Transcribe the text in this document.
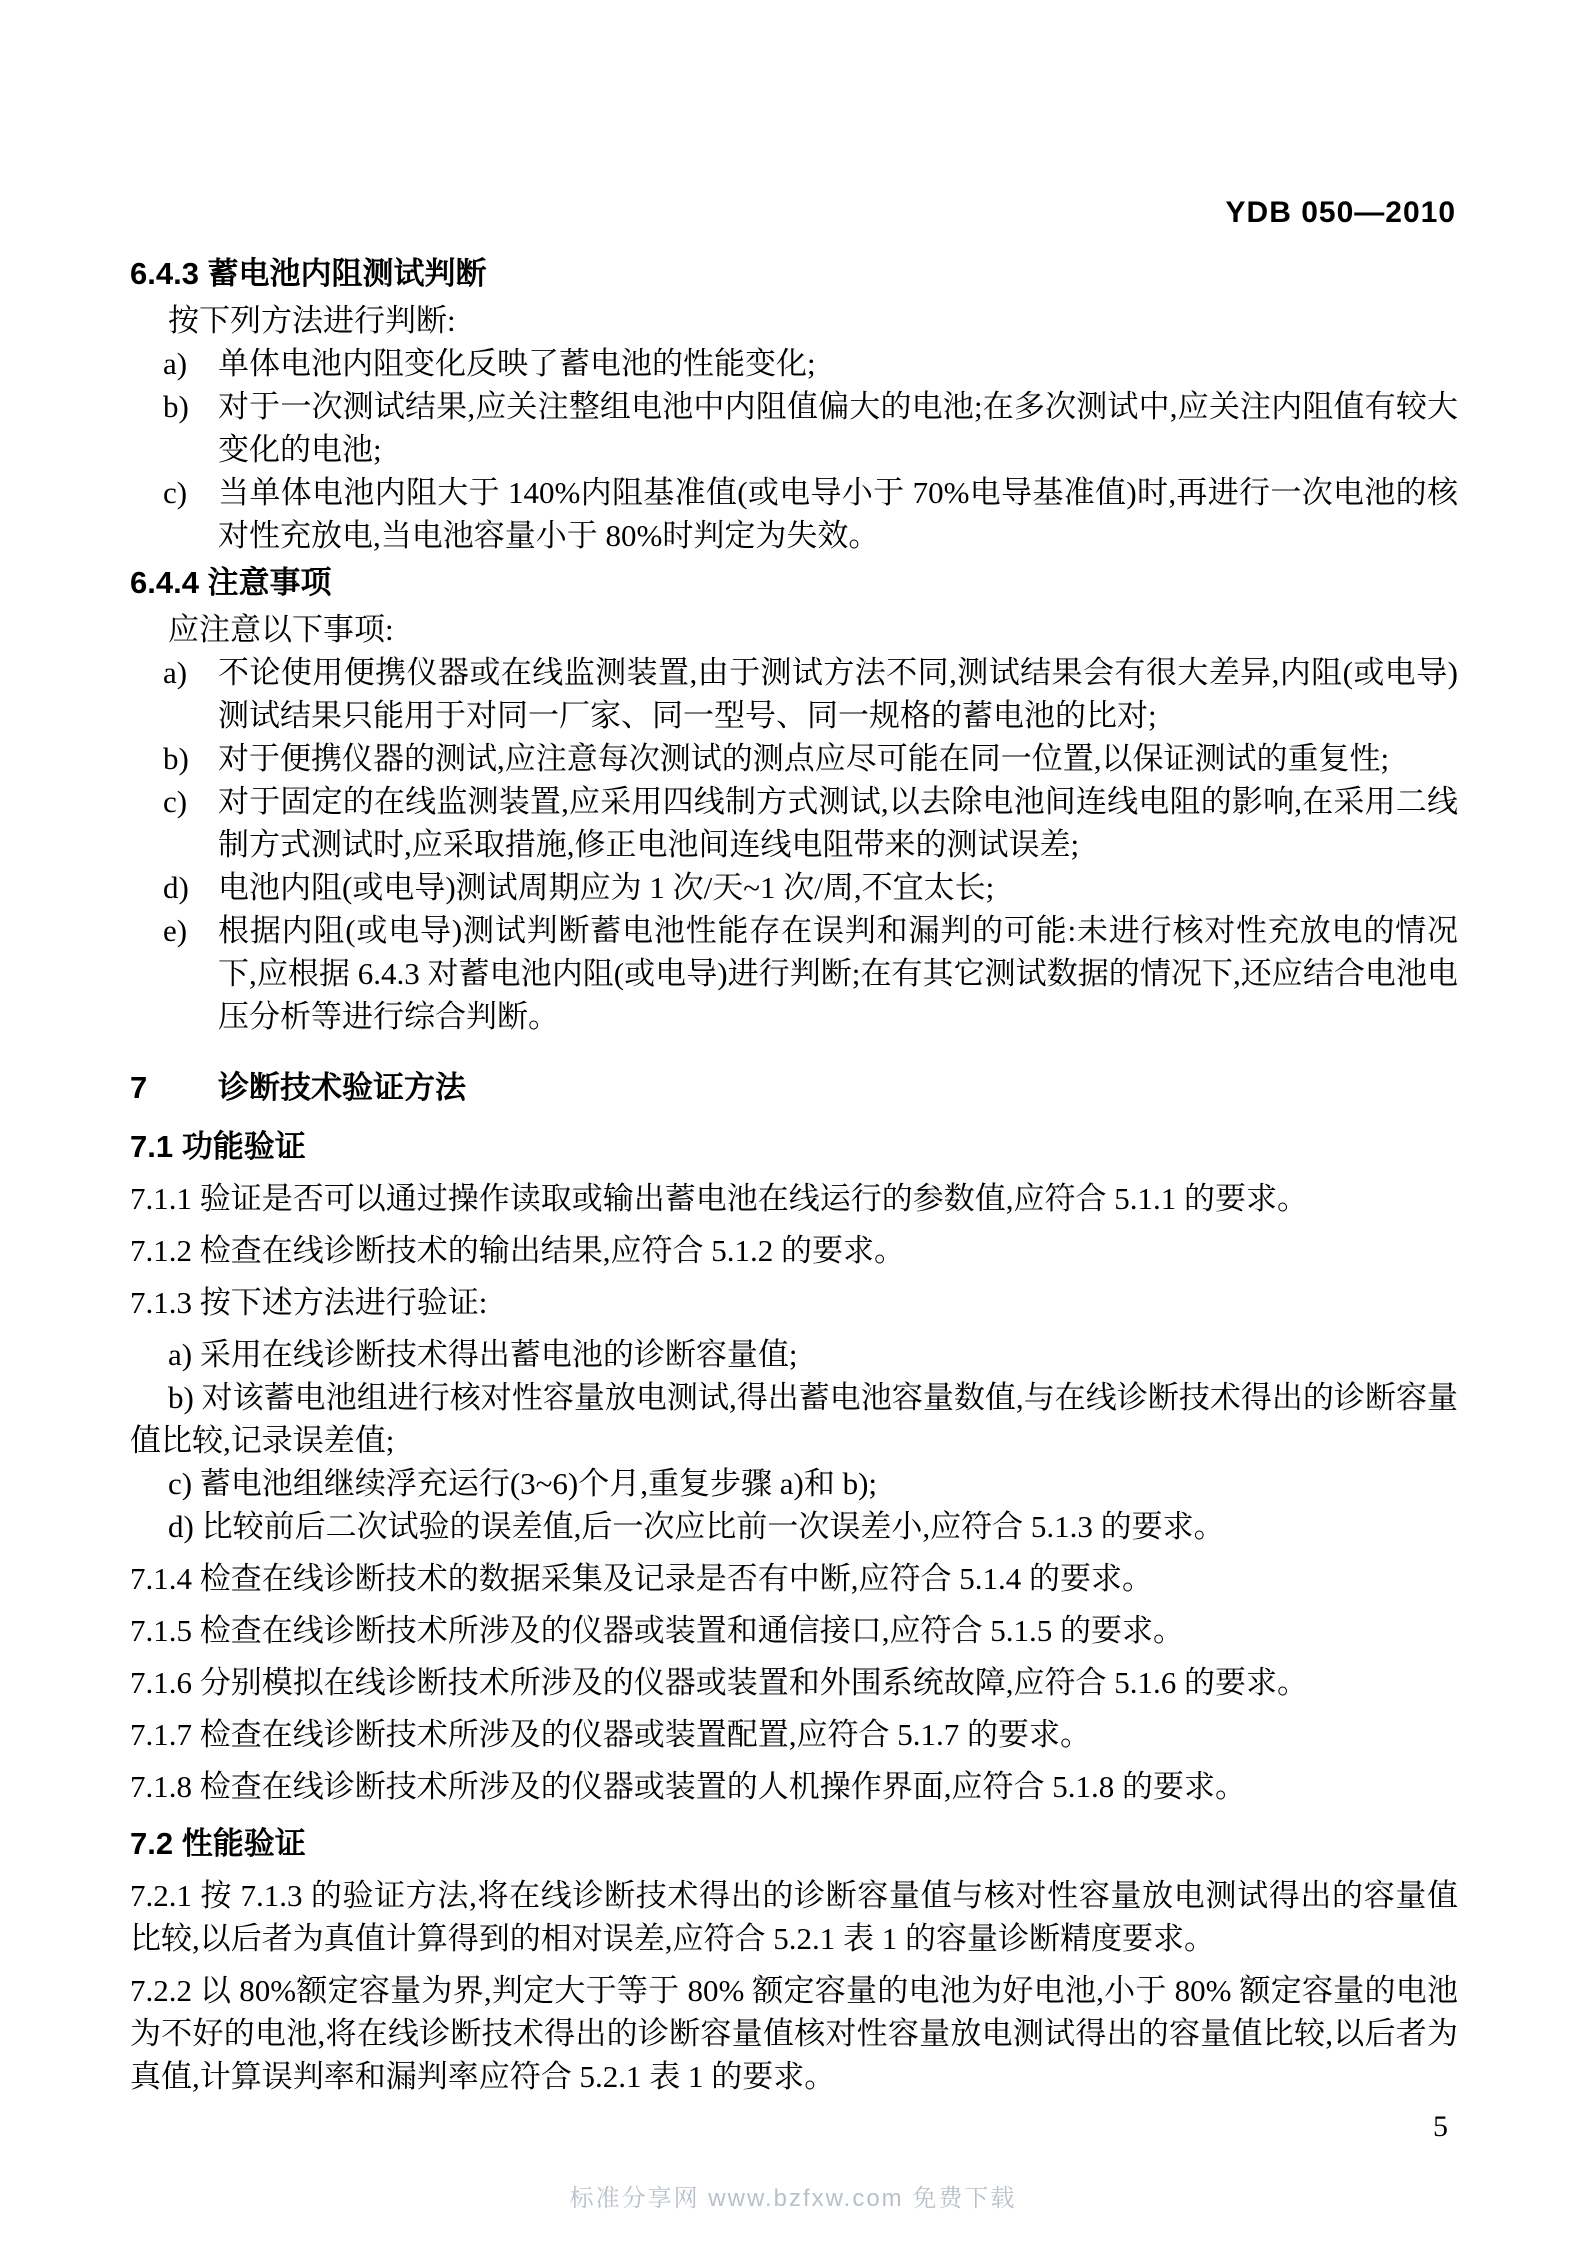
YDB 050—2010
6.4.3 蓄电池内阻测试判断

按下列方法进行判断:

a) 单体电池内阻变化反映了蓄电池的性能变化;
b) 对于一次测试结果,应关注整组电池中内阻值偏大的电池;在多次测试中,应关注内阻值有较大变化的电池;
c) 当单体电池内阻大于 140%内阻基准值(或电导小于 70%电导基准值)时,再进行一次电池的核对性充放电,当电池容量小于 80%时判定为失效。
6.4.4 注意事项

应注意以下事项:

a) 不论使用便携仪器或在线监测装置,由于测试方法不同,测试结果会有很大差异,内阻(或电导)测试结果只能用于对同一厂家、同一型号、同一规格的蓄电池的比对;
b) 对于便携仪器的测试,应注意每次测试的测点应尽可能在同一位置,以保证测试的重复性;
c) 对于固定的在线监测装置,应采用四线制方式测试,以去除电池间连线电阻的影响,在采用二线制方式测试时,应采取措施,修正电池间连线电阻带来的测试误差;
d) 电池内阻(或电导)测试周期应为 1 次/天~1 次/周,不宜太长;
e) 根据内阻(或电导)测试判断蓄电池性能存在误判和漏判的可能:未进行核对性充放电的情况下,应根据 6.4.3 对蓄电池内阻(或电导)进行判断;在有其它测试数据的情况下,还应结合电池电压分析等进行综合判断。
7 诊断技术验证方法
7.1 功能验证

7.1.1 验证是否可以通过操作读取或输出蓄电池在线运行的参数值,应符合 5.1.1 的要求。

7.1.2 检查在线诊断技术的输出结果,应符合 5.1.2 的要求。

7.1.3 按下述方法进行验证:

a) 采用在线诊断技术得出蓄电池的诊断容量值;

b) 对该蓄电池组进行核对性容量放电测试,得出蓄电池容量数值,与在线诊断技术得出的诊断容量值比较,记录误差值;

c) 蓄电池组继续浮充运行(3~6)个月,重复步骤 a)和 b);

d) 比较前后二次试验的误差值,后一次应比前一次误差小,应符合 5.1.3 的要求。

7.1.4 检查在线诊断技术的数据采集及记录是否有中断,应符合 5.1.4 的要求。

7.1.5 检查在线诊断技术所涉及的仪器或装置和通信接口,应符合 5.1.5 的要求。

7.1.6 分别模拟在线诊断技术所涉及的仪器或装置和外围系统故障,应符合 5.1.6 的要求。

7.1.7 检查在线诊断技术所涉及的仪器或装置配置,应符合 5.1.7 的要求。

7.1.8 检查在线诊断技术所涉及的仪器或装置的人机操作界面,应符合 5.1.8 的要求。

7.2 性能验证

7.2.1 按 7.1.3 的验证方法,将在线诊断技术得出的诊断容量值与核对性容量放电测试得出的容量值比较,以后者为真值计算得到的相对误差,应符合 5.2.1 表 1 的容量诊断精度要求。

7.2.2 以 80%额定容量为界,判定大于等于 80% 额定容量的电池为好电池,小于 80% 额定容量的电池为不好的电池,将在线诊断技术得出的诊断容量值核对性容量放电测试得出的容量值比较,以后者为真值,计算误判率和漏判率应符合 5.2.1 表 1 的要求。

5
标准分享网 www.bzfxw.com 免费下载
